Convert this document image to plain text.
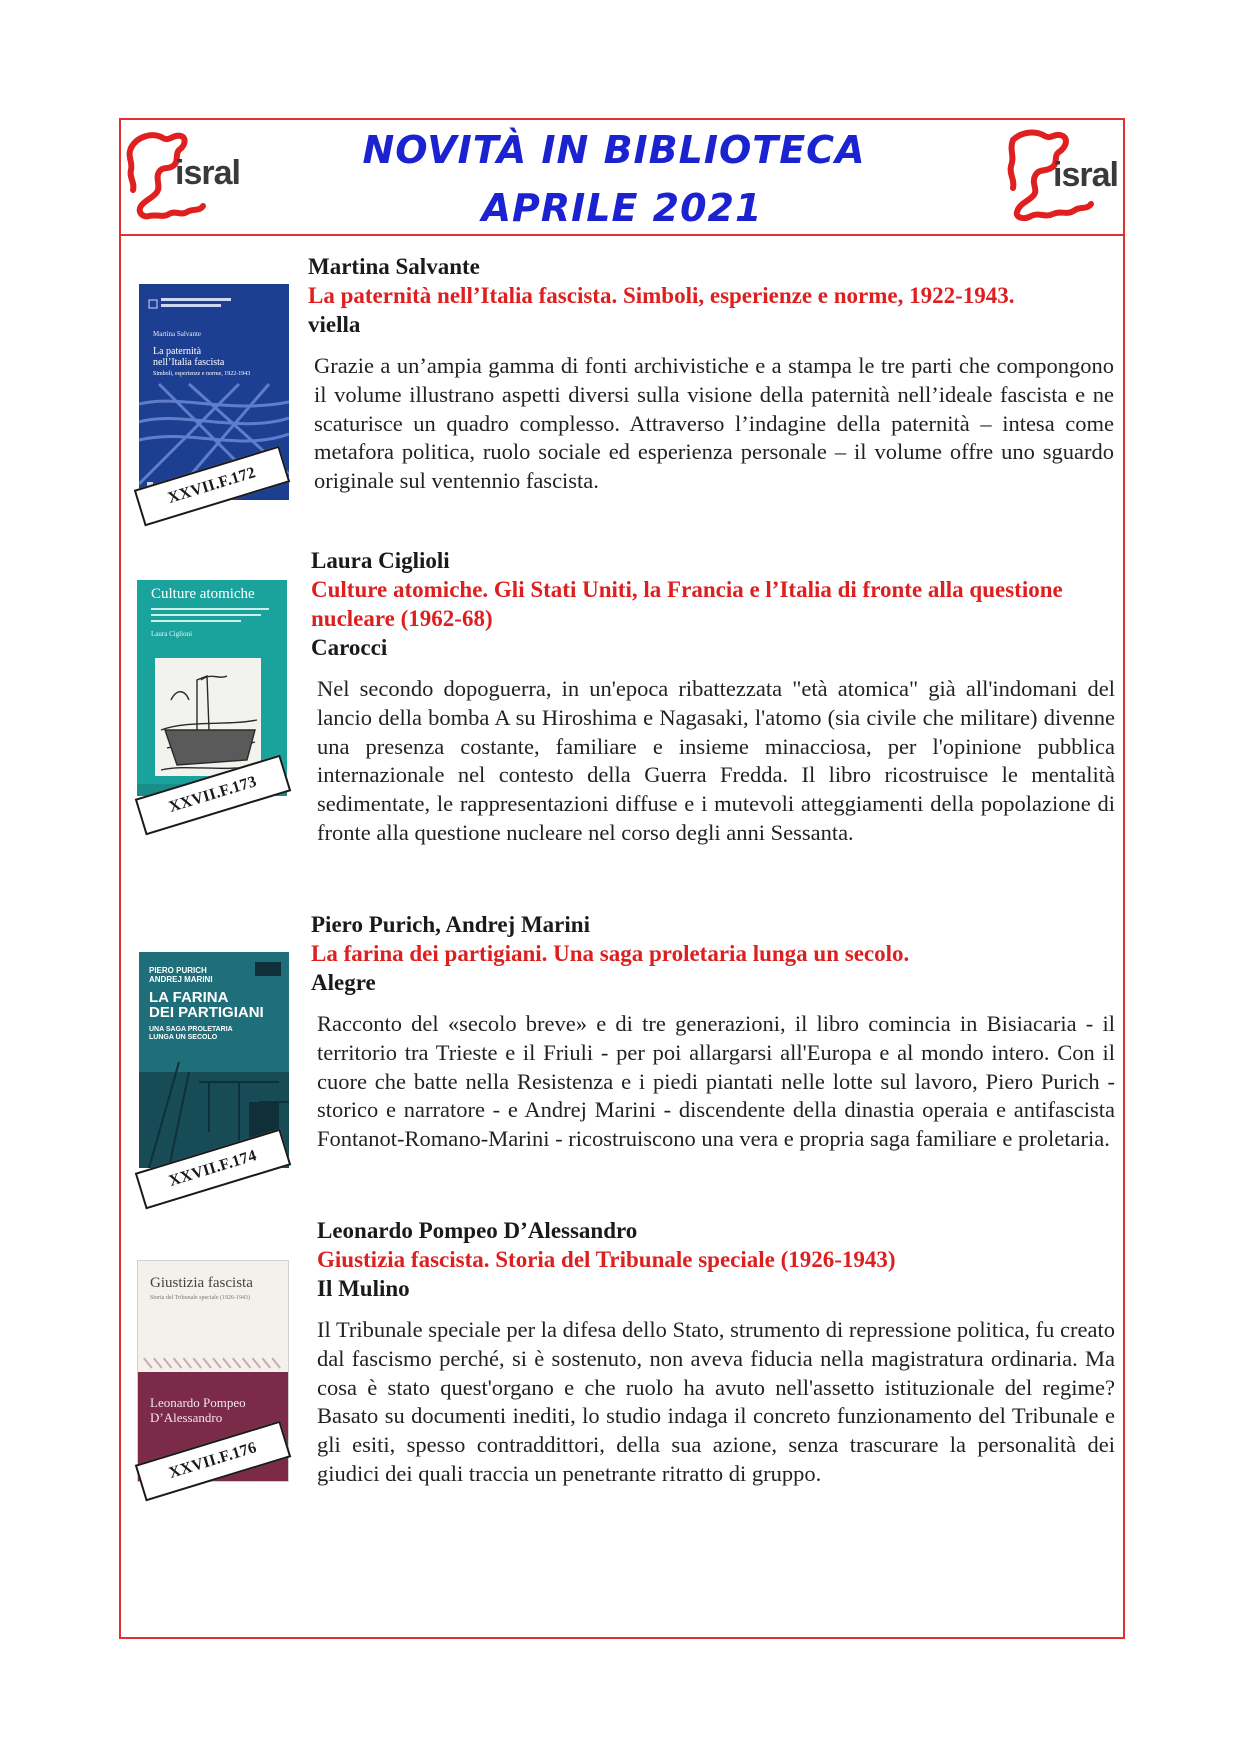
isral
NOVITÀ IN BIBLIOTECA
APRILE 2021
isral
Martina Salvante
La paternità
nell’Italia fascista
Simboli, esperienze e norme, 1922-1943
XXVII.F.172
Martina Salvante
La paternità nell’Italia fascista. Simboli, esperienze e norme, 1922-1943.
viella
Grazie a un’ampia gamma di fonti archivistiche e a stampa le tre parti che compongono il volume illustrano aspetti diversi sulla visione della paternità nell’ideale fascista e ne scaturisce un quadro complesso. Attraverso l’indagine della paternità – intesa come metafora politica, ruolo sociale ed esperienza personale – il volume offre uno sguardo originale sul ventennio fascista.
Culture atomiche
Laura Ciglioni
XXVII.F.173
Laura Ciglioli
Culture atomiche. Gli Stati Uniti, la Francia e l’Italia di fronte alla questione nucleare (1962-68)
Carocci
Nel secondo dopoguerra, in un'epoca ribattezzata "età atomica" già all'indomani del lancio della bomba A su Hiroshima e Nagasaki, l'atomo (sia civile che militare) divenne una presenza costante, familiare e insieme minacciosa, per l'opinione pubblica internazionale nel contesto della Guerra Fredda. Il libro ricostruisce le mentalità sedimentate, le rappresentazioni diffuse e i mutevoli atteggiamenti della popolazione di fronte alla questione nucleare nel corso degli anni Sessanta.
PIERO PURICH
ANDREJ MARINI
LA FARINA
DEI PARTIGIANI
UNA SAGA PROLETARIA
LUNGA UN SECOLO
XXVII.F.174
Piero Purich, Andrej Marini
La farina dei partigiani. Una saga proletaria lunga un secolo.
Alegre
Racconto del «secolo breve» e di tre generazioni, il libro comincia in Bisiacaria - il territorio tra Trieste e il Friuli - per poi allargarsi all'Europa e al mondo intero. Con il cuore che batte nella Resistenza e i piedi piantati nelle lotte sul lavoro, Piero Purich - storico e narratore - e Andrej Marini - discendente della dinastia operaia e antifascista Fontanot-Romano-Marini - ricostruiscono una vera e propria saga familiare e proletaria.
Giustizia fascista
Storia del Tribunale speciale (1926-1943)
Leonardo Pompeo
D’Alessandro
XXVII.F.176
Leonardo Pompeo D’Alessandro
Giustizia fascista. Storia del Tribunale speciale (1926-1943)
Il Mulino
Il Tribunale speciale per la difesa dello Stato, strumento di repressione politica, fu creato dal fascismo perché, si è sostenuto, non aveva fiducia nella magistratura ordinaria. Ma cosa è stato quest'organo e che ruolo ha avuto nell'assetto istituzionale del regime? Basato su documenti inediti, lo studio indaga il concreto funzionamento del Tribunale e gli esiti, spesso contraddittori, della sua azione, senza trascurare la personalità dei giudici dei quali traccia un penetrante ritratto di gruppo.
